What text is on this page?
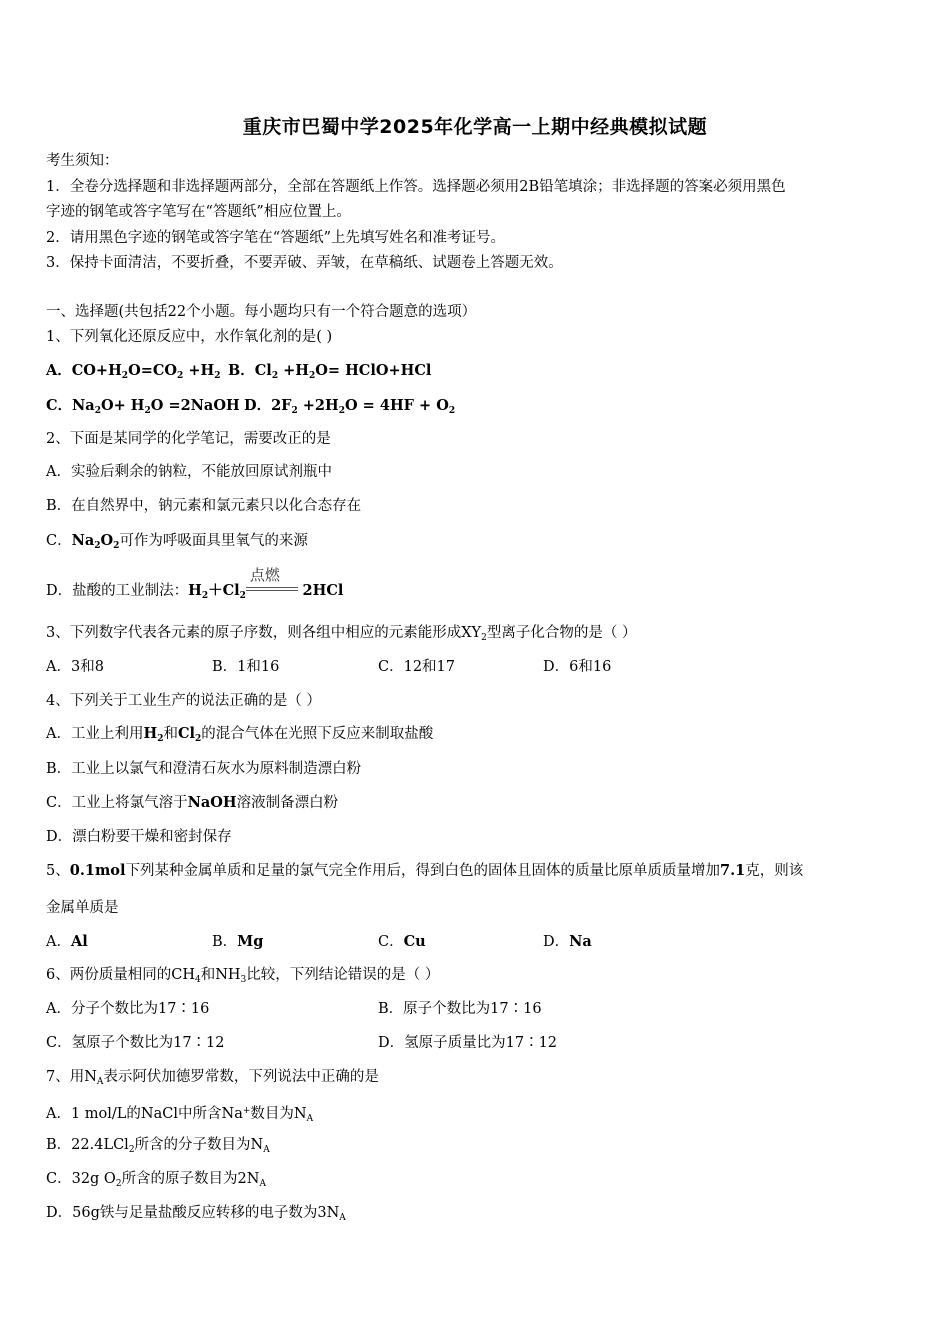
重庆市巴蜀中学2025年化学高一上期中经典模拟试题
考生须知：
1．全卷分选择题和非选择题两部分，全部在答题纸上作答。选择题必须用2B铅笔填涂；非选择题的答案必须用黑色
字迹的钢笔或答字笔写在“答题纸”相应位置上。
2．请用黑色字迹的钢笔或答字笔在“答题纸”上先填写姓名和准考证号。
3．保持卡面清洁，不要折叠，不要弄破、弄皱，在草稿纸、试题卷上答题无效。
一、选择题(共包括22个小题。每小题均只有一个符合题意的选项）
1、下列氧化还原反应中，水作氧化剂的是( )
A．$CO+H_2O=CO_2 +H_2$ B．$Cl_2 +H_2O=$ HClO+HCl
C．$Na_2O+ H_2O$ =2NaOH D．$2F_2 +2H_2O = 4HF + O_2$
2、下面是某同学的化学笔记，需要改正的是
A．实验后剩余的钠粒，不能放回原试剂瓶中
B．在自然界中，钠元素和氯元素只以化合态存在
C．$Na_2O_2$可作为呼吸面具里氧气的来源
D．盐酸的工业制法：$H_2+Cl_2$
点燃
2HCl
3、下列数字代表各元素的原子序数，则各组中相应的元素能形成$XY_2$型离子化合物的是（ ）
A．3和8	B．1和16	C．12和17	D．6和16
4、下列关于工业生产的说法正确的是（ ）
A．工业上利用$H_2$和$Cl_2$的混合气体在光照下反应来制取盐酸
B．工业上以氯气和澄清石灰水为原料制造漂白粉
C．工业上将氯气溶于NaOH溶液制备漂白粉
D．漂白粉要干燥和密封保存
5、0.1mol下列某种金属单质和足量的氯气完全作用后，得到白色的固体且固体的质量比原单质质量增加7.1克，则该
金属单质是
A．Al	B．Mg	C．Cu	D．Na
6、两份质量相同的$CH_4$和$NH_3$比较，下列结论错误的是（ ）
A．分子个数比为17∶16	B．原子个数比为17∶16
C．氢原子个数比为17∶12	D．氢原子质量比为17∶12
7、用$N_A$表示阿伏加德罗常数，下列说法中正确的是
A．1 mol/L的NaCl中所含Na+数目为$N_A$
B．22.4LCl$_2$所含的分子数目为$N_A$
C．32g $O_2$所含的原子数目为$2N_A$
D．56g铁与足量盐酸反应转移的电子数为$3N_A$
